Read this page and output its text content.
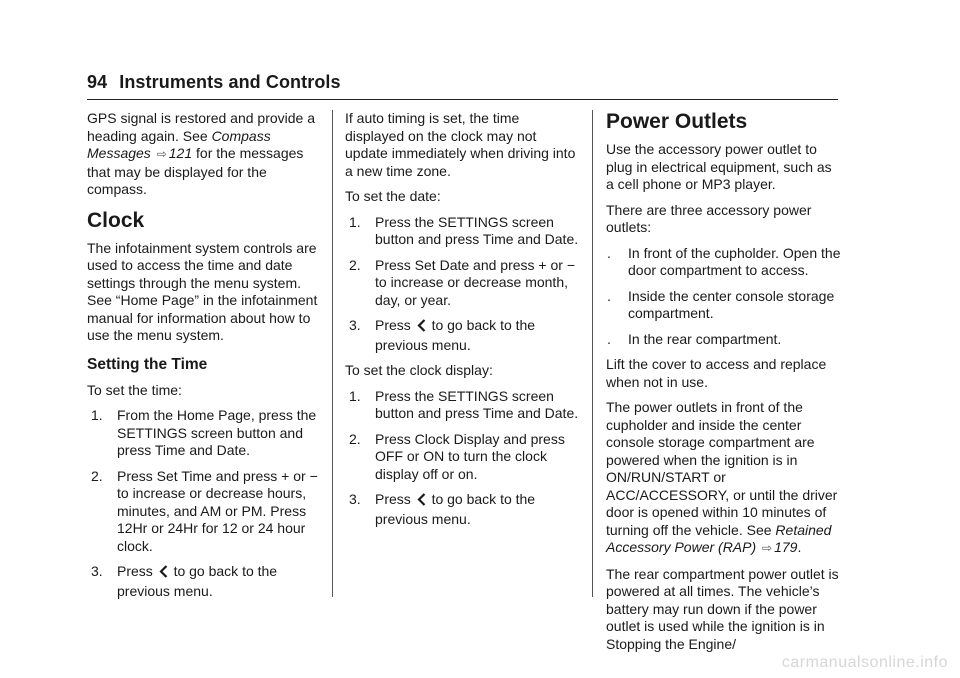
94 Instruments and Controls

GPS signal is restored and provide a heading again. See Compass Messages ⇨ 121 for the messages that may be displayed for the compass.

Clock

The infotainment system controls are used to access the time and date settings through the menu system. See “Home Page” in the infotainment manual for information about how to use the menu system.

Setting the Time

To set the time:

1. From the Home Page, press the SETTINGS screen button and press Time and Date.
2. Press Set Time and press + or − to increase or decrease hours, minutes, and AM or PM. Press 12Hr or 24Hr for 12 or 24 hour clock.
3. Press  to go back to the previous menu.

If auto timing is set, the time displayed on the clock may not update immediately when driving into a new time zone.

To set the date:

1. Press the SETTINGS screen button and press Time and Date.
2. Press Set Date and press + or − to increase or decrease month, day, or year.
3. Press  to go back to the previous menu.

To set the clock display:

1. Press the SETTINGS screen button and press Time and Date.
2. Press Clock Display and press OFF or ON to turn the clock display off or on.
3. Press  to go back to the previous menu.
Power Outlets

Use the accessory power outlet to plug in electrical equipment, such as a cell phone or MP3 player.

There are three accessory power outlets:

. In front of the cupholder. Open the door compartment to access.
. Inside the center console storage compartment.
. In the rear compartment.

Lift the cover to access and replace when not in use.

The power outlets in front of the cupholder and inside the center console storage compartment are powered when the ignition is in ON/RUN/START or ACC/ACCESSORY, or until the driver door is opened within 10 minutes of turning off the vehicle. See Retained Accessory Power (RAP) ⇨ 179.

The rear compartment power outlet is powered at all times. The vehicle’s battery may run down if the power outlet is used while the ignition is in Stopping the Engine/

carmanualsonline.info
